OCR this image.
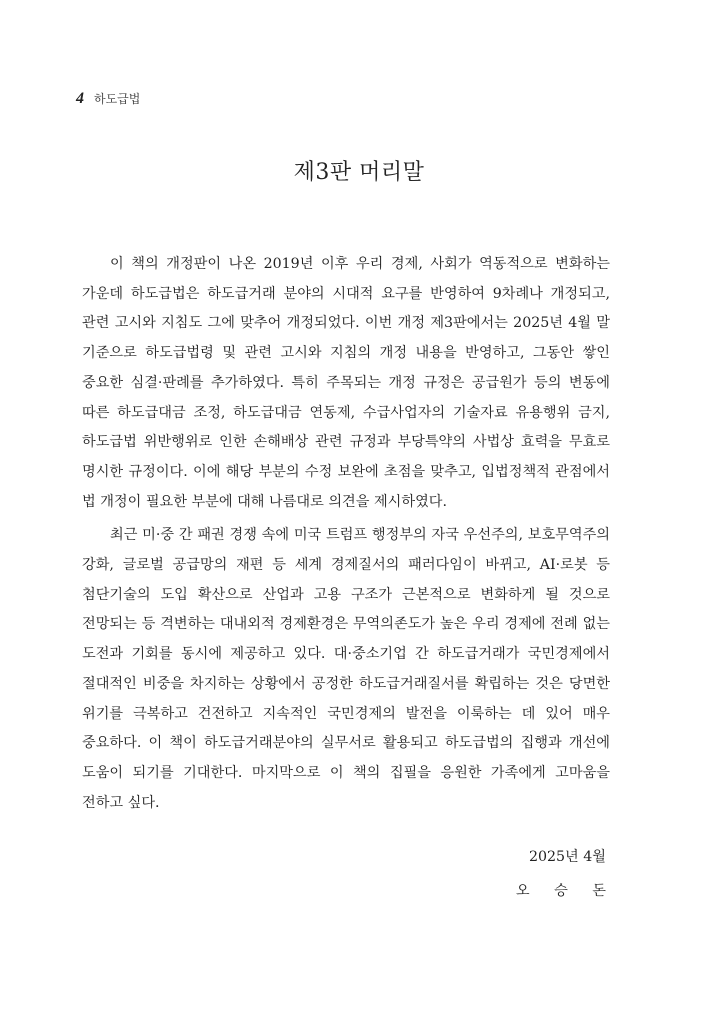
4 하도급법
제3판 머리말

이 책의 개정판이 나온 2019년 이후 우리 경제, 사회가 역동적으로 변화하는 가운데 하도급법은 하도급거래 분야의 시대적 요구를 반영하여 9차례나 개정되고, 관련 고시와 지침도 그에 맞추어 개정되었다. 이번 개정 제3판에서는 2025년 4월 말 기준으로 하도급법령 및 관련 고시와 지침의 개정 내용을 반영하고, 그동안 쌓인 중요한 심결·판례를 추가하였다. 특히 주목되는 개정 규정은 공급원가 등의 변동에 따른 하도급대금 조정, 하도급대금 연동제, 수급사업자의 기술자료 유용행위 금지, 하도급법 위반행위로 인한 손해배상 관련 규정과 부당특약의 사법상 효력을 무효로 명시한 규정이다. 이에 해당 부분의 수정 보완에 초점을 맞추고, 입법정책적 관점에서 법 개정이 필요한 부분에 대해 나름대로 의견을 제시하였다.

최근 미·중 간 패권 경쟁 속에 미국 트럼프 행정부의 자국 우선주의, 보호무역주의 강화, 글로벌 공급망의 재편 등 세계 경제질서의 패러다임이 바뀌고, AI·로봇 등 첨단기술의 도입 확산으로 산업과 고용 구조가 근본적으로 변화하게 될 것으로 전망되는 등 격변하는 대내외적 경제환경은 무역의존도가 높은 우리 경제에 전례 없는 도전과 기회를 동시에 제공하고 있다. 대·중소기업 간 하도급거래가 국민경제에서 절대적인 비중을 차지하는 상황에서 공정한 하도급거래질서를 확립하는 것은 당면한 위기를 극복하고 건전하고 지속적인 국민경제의 발전을 이룩하는 데 있어 매우 중요하다. 이 책이 하도급거래분야의 실무서로 활용되고 하도급법의 집행과 개선에 도움이 되기를 기대한다. 마지막으로 이 책의 집필을 응원한 가족에게 고마움을 전하고 싶다.

2025년 4월
오 승 돈
